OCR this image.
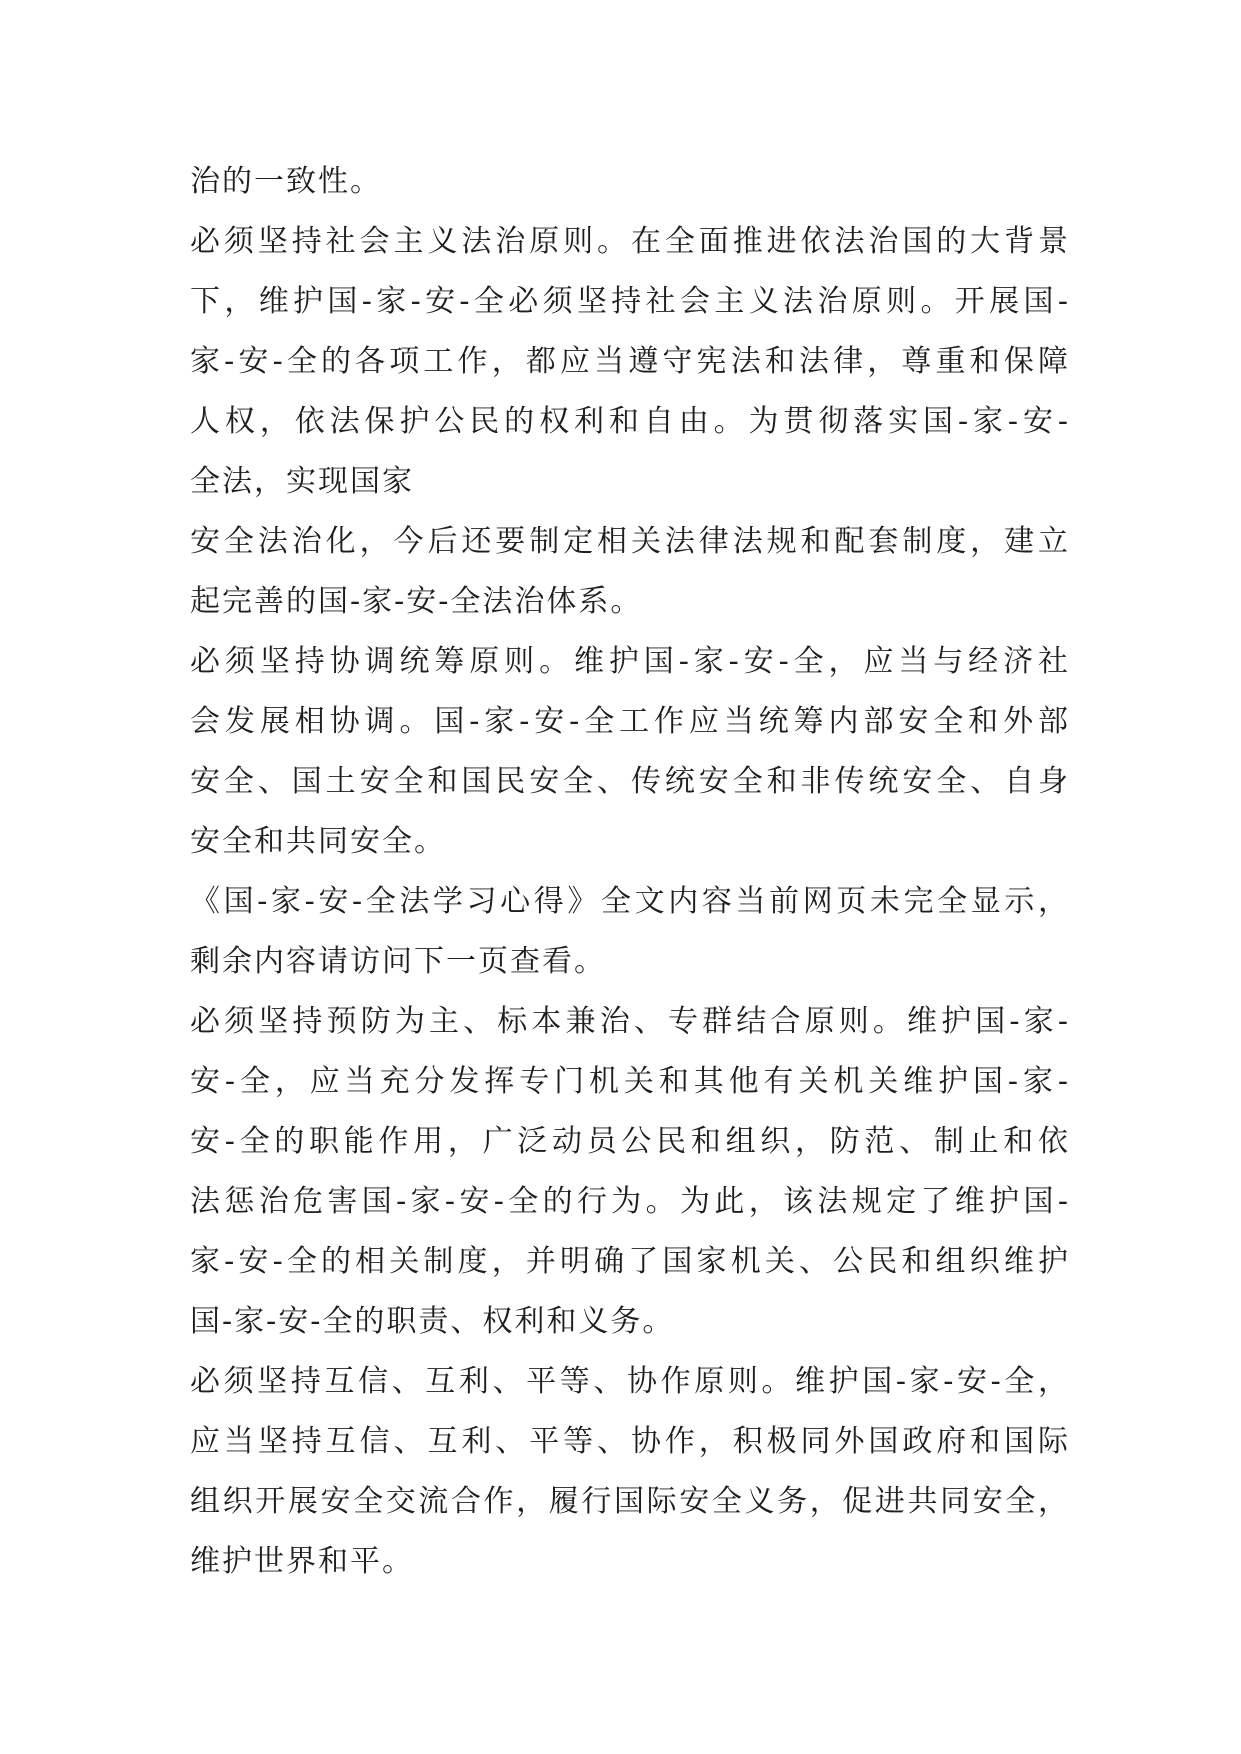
治的一致性。
必须坚持社会主义法治原则。在全面推进依法治国的大背景
下，维护国-家-安-全必须坚持社会主义法治原则。开展国-
家-安-全的各项工作，都应当遵守宪法和法律，尊重和保障
人权，依法保护公民的权利和自由。为贯彻落实国-家-安-
全法，实现国家
安全法治化，今后还要制定相关法律法规和配套制度，建立
起完善的国-家-安-全法治体系。
必须坚持协调统筹原则。维护国-家-安-全，应当与经济社
会发展相协调。国-家-安-全工作应当统筹内部安全和外部
安全、国土安全和国民安全、传统安全和非传统安全、自身
安全和共同安全。
《国-家-安-全法学习心得》全文内容当前网页未完全显示，
剩余内容请访问下一页查看。
必须坚持预防为主、标本兼治、专群结合原则。维护国-家-
安-全，应当充分发挥专门机关和其他有关机关维护国-家-
安-全的职能作用，广泛动员公民和组织，防范、制止和依
法惩治危害国-家-安-全的行为。为此，该法规定了维护国-
家-安-全的相关制度，并明确了国家机关、公民和组织维护
国-家-安-全的职责、权利和义务。
必须坚持互信、互利、平等、协作原则。维护国-家-安-全，
应当坚持互信、互利、平等、协作，积极同外国政府和国际
组织开展安全交流合作，履行国际安全义务，促进共同安全，
维护世界和平。
